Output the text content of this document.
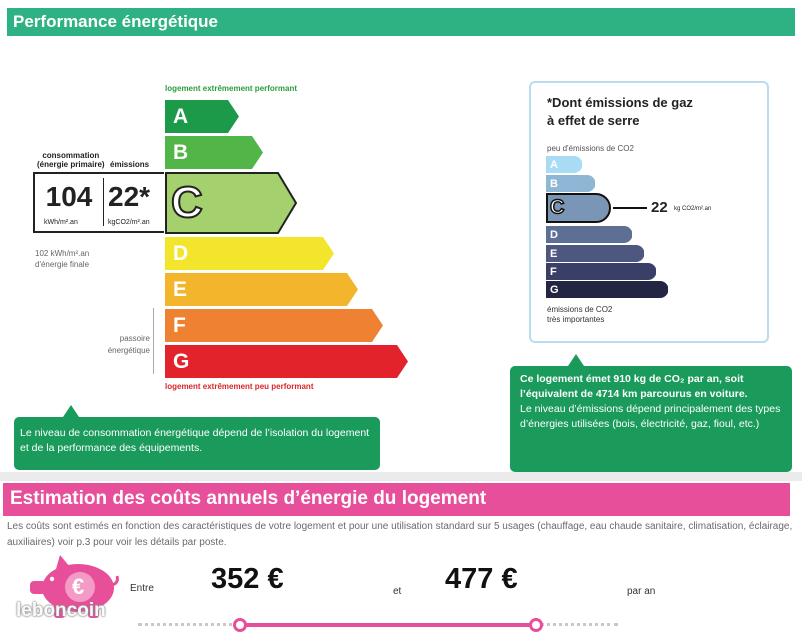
Performance énergétique
logement extrêmement performant
A
B
C
D
E
F
G
logement extrêmement peu performant
consommation
(énergie primaire) émissions
104 22*
kWh/m².an	kgCO2/m².an
102 kWh/m².an
d'énergie finale
passoire énergétique
*Dont émissions de gaz
à effet de serre
peu d'émissions de CO2
A
B
C
D
E
F
G
22 kg CO2/m².an
émissions de CO2
très importantes
Le niveau de consommation énergétique dépend de l’isolation du logement et de la performance des équipements.
Ce logement émet 910 kg de CO₂ par an, soit l’équivalent de 4714 km parcourus en voiture.
Le niveau d’émissions dépend principalement des types d’énergies utilisées (bois, électricité, gaz, fioul, etc.)
Estimation des coûts annuels d’énergie du logement
Les coûts sont estimés en fonction des caractéristiques de votre logement et pour une utilisation standard sur 5 usages (chauffage, eau chaude sanitaire, climatisation, éclairage, auxiliaires) voir p.3 pour voir les détails par poste.
€	Entre 352 €	et 477 €	par an
leboncoin
